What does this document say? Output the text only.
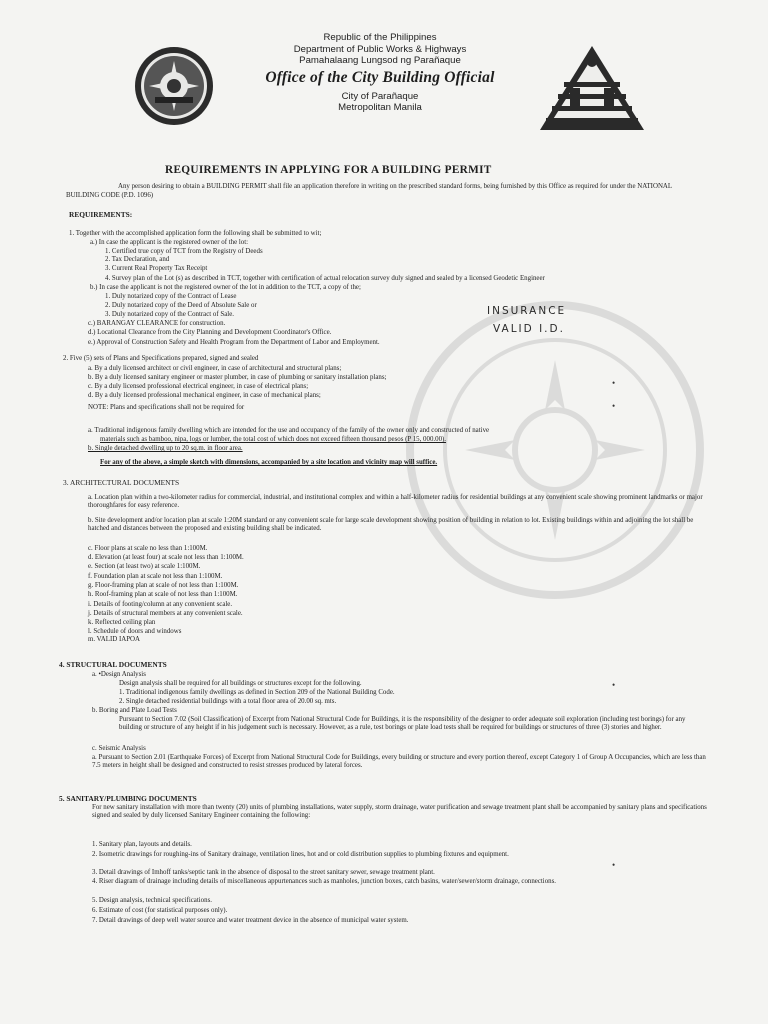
Republic of the Philippines
Department of Public Works & Highways
Pamahalaang Lungsod ng Parañaque
Office of the City Building Official
City of Parañaque
Metropolitan Manila
REQUIREMENTS IN APPLYING FOR A BUILDING PERMIT
Any person desiring to obtain a BUILDING PERMIT shall file an application therefore in writing on the prescribed standard forms, being furnished by this Office as required for under the NATIONAL BUILDING CODE (P.D. 1096)
REQUIREMENTS:
1. Together with the accomplished application form the following shall be submitted to wit;
a.) In case the applicant is the registered owner of the lot:
1. Certified true copy of TCT from the Registry of Deeds
2. Tax Declaration, and
3. Current Real Property Tax Receipt
4. Survey plan of the Lot (s) as described in TCT, together with certification of actual relocation survey duly signed and sealed by a licensed Geodetic Engineer
b.) In case the applicant is not the registered owner of the lot in addition to the TCT, a copy of the;
1. Duly notarized copy of the Contract of Lease
2. Duly notarized copy of the Deed of Absolute Sale or
3. Duly notarized copy of the Contract of Sale.
c.) BARANGAY CLEARANCE for construction.
d.) Locational Clearance from the City Planning and Development Coordinator's Office.
e.) Approval of Construction Safety and Health Program from the Department of Labor and Employment.
INSURANCE
VALID I.D.
2. Five (5) sets of Plans and Specifications prepared, signed and sealed
a. By a duly licensed architect or civil engineer, in case of architectural and structural plans;
b. By a duly licensed sanitary engineer or master plumber, in case of plumbing or sanitary installation plans;
c. By a duly licensed professional electrical engineer, in case of electrical plans;
d. By a duly licensed professional mechanical engineer, in case of mechanical plans;
NOTE: Plans and specifications shall not be required for
a. Traditional indigenous family dwelling which are intended for the use and occupancy of the family of the owner only and constructed of native
materials such as bamboo, nipa, logs or lumber, the total cost of which does not exceed fifteen thousand pesos (P 15, 000.00).
b. Single detached dwelling up to 20 sq.m. in floor area.
For any of the above, a simple sketch with dimensions, accompanied by a site location and vicinity map will suffice.
3. ARCHITECTURAL DOCUMENTS
a. Location plan within a two-kilometer radius for commercial, industrial, and institutional complex and within a half-kilometer radius for residential buildings at any convenient scale showing prominent landmarks or major thoroughfares for easy reference.
b. Site development and/or location plan at scale 1:20M standard or any convenient scale for large scale development showing position of building in relation to lot. Existing buildings within and adjoining the lot shall be hatched and distances between the proposed and existing building shall be indicated.
c. Floor plans at scale no less than 1:100M.
d. Elevation (at least four) at scale not less than 1:100M.
e. Section (at least two) at scale 1:100M.
f. Foundation plan at scale not less than 1:100M.
g. Floor-framing plan at scale of not less than 1:100M.
h. Roof-framing plan at scale of not less than 1:100M.
i. Details of footing/column at any convenient scale.
j. Details of structural members at any convenient scale.
k. Reflected ceiling plan
l. Schedule of doors and windows
m. VALID IAPOA
4. STRUCTURAL DOCUMENTS
a. •Design Analysis
Design analysis shall be required for all buildings or structures except for the following.
1. Traditional indigenous family dwellings as defined in Section 209 of the National Building Code.
2. Single detached residential buildings with a total floor area of 20.00 sq. mts.
b. Boring and Plate Load Tests
Pursuant to Section 7.02 (Soil Classification) of Excerpt from National Structural Code for Buildings, it is the responsibility of the designer to order adequate soil exploration (including test borings) for any building or structure of any height if in his judgement such is necessary. However, as a rule, test borings or plate load tests shall be required for buildings or structures of three (3) stories and higher.
c. Seismic Analysis
a. Pursuant to Section 2.01 (Earthquake Forces) of Excerpt from National Structural Code for Buildings, every building or structure and every portion thereof, except Category 1 of Group A Occupancies, which are less than 7.5 meters in height shall be designed and constructed to resist stresses produced by lateral forces.
5. SANITARY/PLUMBING DOCUMENTS
For new sanitary installation with more than twenty (20) units of plumbing installations, water supply, storm drainage, water purification and sewage treatment plant shall be accompanied by sanitary plans and specifications signed and sealed by duly licensed Sanitary Engineer containing the following:
1. Sanitary plan, layouts and details.
2. Isometric drawings for roughing-ins of Sanitary drainage, ventilation lines, hot and or cold distribution supplies to plumbing fixtures and equipment.
3. Detail drawings of Imhoff tanks/septic tank in the absence of disposal to the street sanitary sewer, sewage treatment plant.
4. Riser diagram of drainage including details of miscellaneous appurtenances such as manholes, junction boxes, catch basins, water/sewer/storm drainage, connections.
5. Design analysis, technical specifications.
6. Estimate of cost (for statistical purposes only).
7. Detail drawings of deep well water source and water treatment device in the absence of municipal water system.
•
•
•
•
